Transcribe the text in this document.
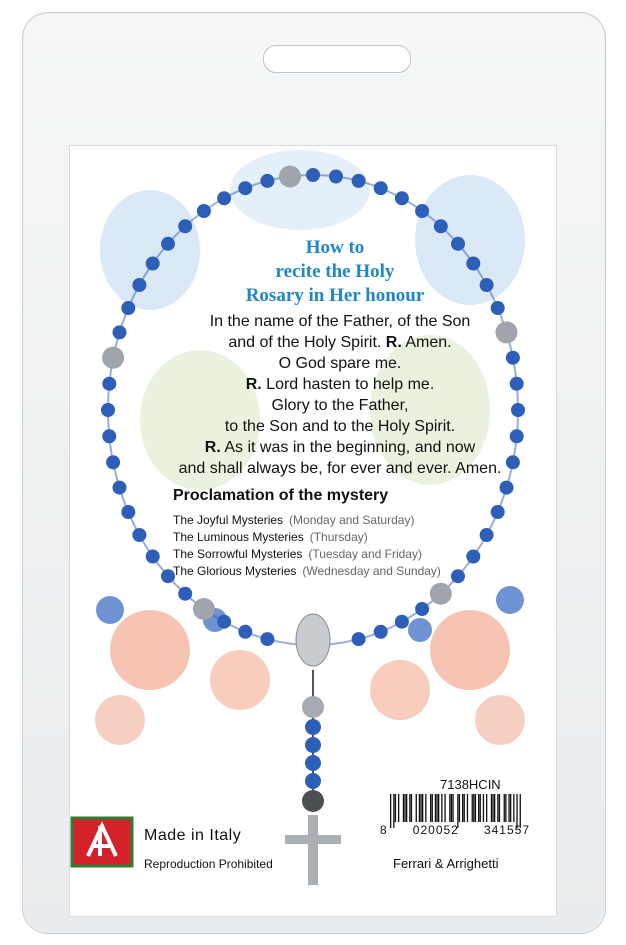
How to
recite the Holy
Rosary in Her honour
In the name of the Father, of the Son
and of the Holy Spirit. R. Amen.
O God spare me.
R. Lord hasten to help me.
Glory to the Father,
to the Son and to the Holy Spirit.
R. As it was in the beginning, and now
and shall always be, for ever and ever. Amen.
Proclamation of the mystery
The Joyful Mysteries (Monday and Saturday)
The Luminous Mysteries (Thursday)
The Sorrowful Mysteries (Tuesday and Friday)
The Glorious Mysteries (Wednesday and Sunday)
7138HCIN
8 020052 341557
Ferrari & Arrighetti
Made in Italy
Reproduction Prohibited
